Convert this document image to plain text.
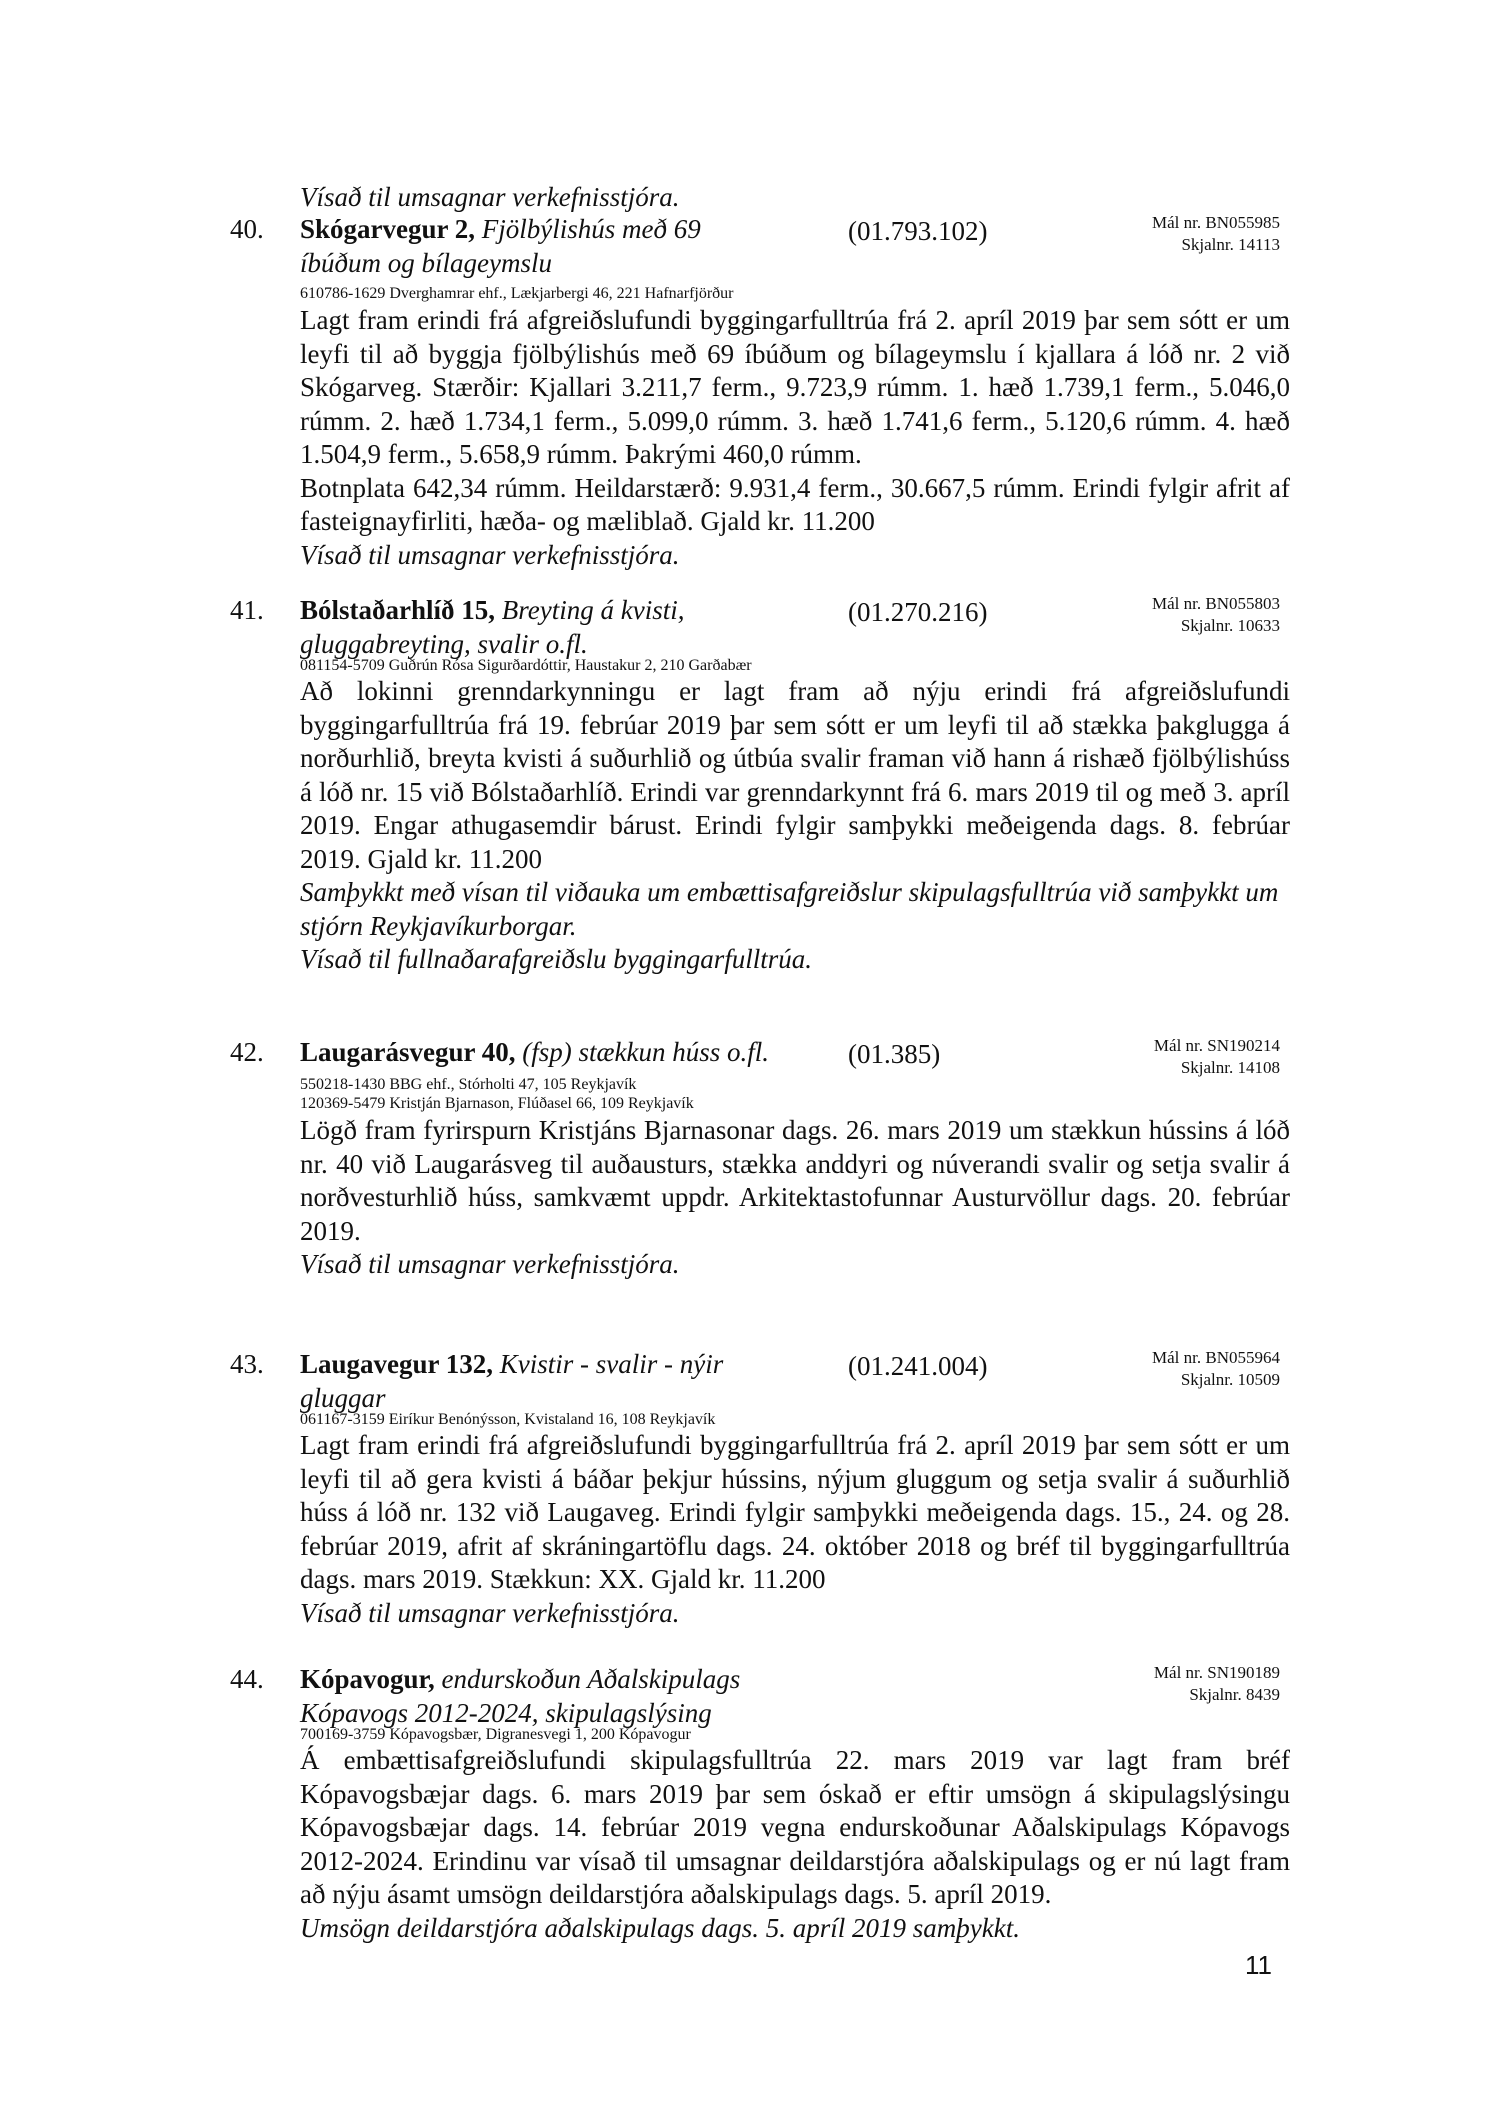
Vísað til umsagnar verkefnisstjóra.
40. Skógarvegur 2, Fjölbýlishús með 69 íbúðum og bílageymslu
(01.793.102)	Mál nr. BN055985
Skjalnr. 14113
610786-1629 Dverghamrar ehf., Lækjarbergi 46, 221 Hafnarfjörður

Lagt fram erindi frá afgreiðslufundi byggingarfulltrúa frá 2. apríl 2019 þar sem sótt er um leyfi til að byggja fjölbýlishús með 69 íbúðum og bílageymslu í kjallara á lóð nr. 2 við Skógarveg. Stærðir: Kjallari 3.211,7 ferm., 9.723,9 rúmm. 1. hæð 1.739,1 ferm., 5.046,0 rúmm. 2. hæð 1.734,1 ferm., 5.099,0 rúmm. 3. hæð 1.741,6 ferm., 5.120,6 rúmm. 4. hæð 1.504,9 ferm., 5.658,9 rúmm. Þakrými 460,0 rúmm.

Botnplata 642,34 rúmm. Heildarstærð: 9.931,4 ferm., 30.667,5 rúmm. Erindi fylgir afrit af fasteignayfirliti, hæða- og mæliblað. Gjald kr. 11.200

Vísað til umsagnar verkefnisstjóra.

41. Bólstaðarhlíð 15, Breyting á kvisti, gluggabreyting, svalir o.fl.
(01.270.216)	Mál nr. BN055803
Skjalnr. 10633
081154-5709 Guðrún Rósa Sigurðardóttir, Haustakur 2, 210 Garðabær

Að lokinni grenndarkynningu er lagt fram að nýju erindi frá afgreiðslufundi byggingarfulltrúa frá 19. febrúar 2019 þar sem sótt er um leyfi til að stækka þakglugga á norðurhlið, breyta kvisti á suðurhlið og útbúa svalir framan við hann á rishæð fjölbýlishúss á lóð nr. 15 við Bólstaðarhlíð. Erindi var grenndarkynnt frá 6. mars 2019 til og með 3. apríl 2019. Engar athugasemdir bárust. Erindi fylgir samþykki meðeigenda dags. 8. febrúar 2019. Gjald kr. 11.200

Samþykkt með vísan til viðauka um embættisafgreiðslur skipulagsfulltrúa við samþykkt um stjórn Reykjavíkurborgar.

Vísað til fullnaðarafgreiðslu byggingarfulltrúa.

42. Laugarásvegur 40, (fsp) stækkun húss o.fl.	(01.385)	Mál nr. SN190214
Skjalnr. 14108
550218-1430 BBG ehf., Stórholti 47, 105 Reykjavík
120369-5479 Kristján Bjarnason, Flúðasel 66, 109 Reykjavík

Lögð fram fyrirspurn Kristjáns Bjarnasonar dags. 26. mars 2019 um stækkun hússins á lóð nr. 40 við Laugarásveg til auðausturs, stækka anddyri og núverandi svalir og setja svalir á norðvesturhlið húss, samkvæmt uppdr. Arkitektastofunnar Austurvöllur dags. 20. febrúar 2019.

Vísað til umsagnar verkefnisstjóra.

43. Laugavegur 132, Kvistir - svalir - nýir gluggar
(01.241.004)	Mál nr. BN055964
Skjalnr. 10509
061167-3159 Eiríkur Benónýsson, Kvistaland 16, 108 Reykjavík

Lagt fram erindi frá afgreiðslufundi byggingarfulltrúa frá 2. apríl 2019 þar sem sótt er um leyfi til að gera kvisti á báðar þekjur hússins, nýjum gluggum og setja svalir á suðurhlið húss á lóð nr. 132 við Laugaveg. Erindi fylgir samþykki meðeigenda dags. 15., 24. og 28. febrúar 2019, afrit af skráningartöflu dags. 24. október 2018 og bréf til byggingarfulltrúa dags. mars 2019. Stækkun: XX. Gjald kr. 11.200

Vísað til umsagnar verkefnisstjóra.

44. Kópavogur, endurskoðun Aðalskipulags Kópavogs 2012-2024, skipulagslýsing
Mál nr. SN190189
Skjalnr. 8439
700169-3759 Kópavogsbær, Digranesvegi 1, 200 Kópavogur

Á embættisafgreiðslufundi skipulagsfulltrúa 22. mars 2019 var lagt fram bréf Kópavogsbæjar dags. 6. mars 2019 þar sem óskað er eftir umsögn á skipulagslýsingu Kópavogsbæjar dags. 14. febrúar 2019 vegna endurskoðunar Aðalskipulags Kópavogs 2012-2024. Erindinu var vísað til umsagnar deildarstjóra aðalskipulags og er nú lagt fram að nýju ásamt umsögn deildarstjóra aðalskipulags dags. 5. apríl 2019.

Umsögn deildarstjóra aðalskipulags dags. 5. apríl 2019 samþykkt.

11
